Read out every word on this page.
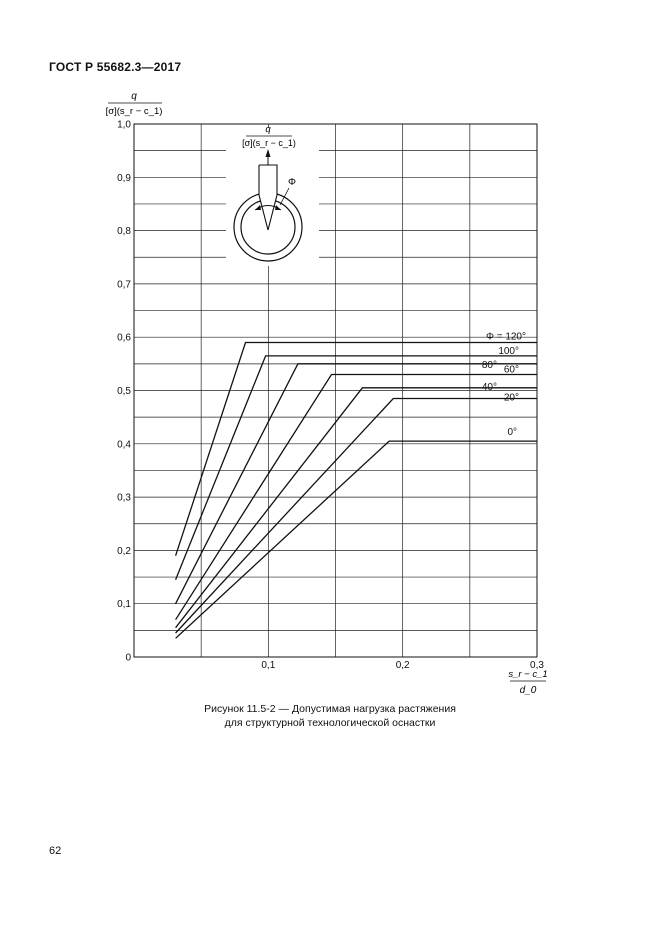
ГОСТ Р 55682.3—2017
0
0,1
0,2
0,3
0,4
0,5
0,6
0,7
0,8
0,9
1,0
0,1	0,2	0,3
Φ = 120°
100°
80° 60°
40°
20°
0°
q
[σ](s_r − c_1)
s_r − c_1
d_0
q
[σ](s_r − c_1)
Φ
Рисунок 11.5-2 — Допустимая нагрузка растяжения
для структурной технологической оснастки
62
